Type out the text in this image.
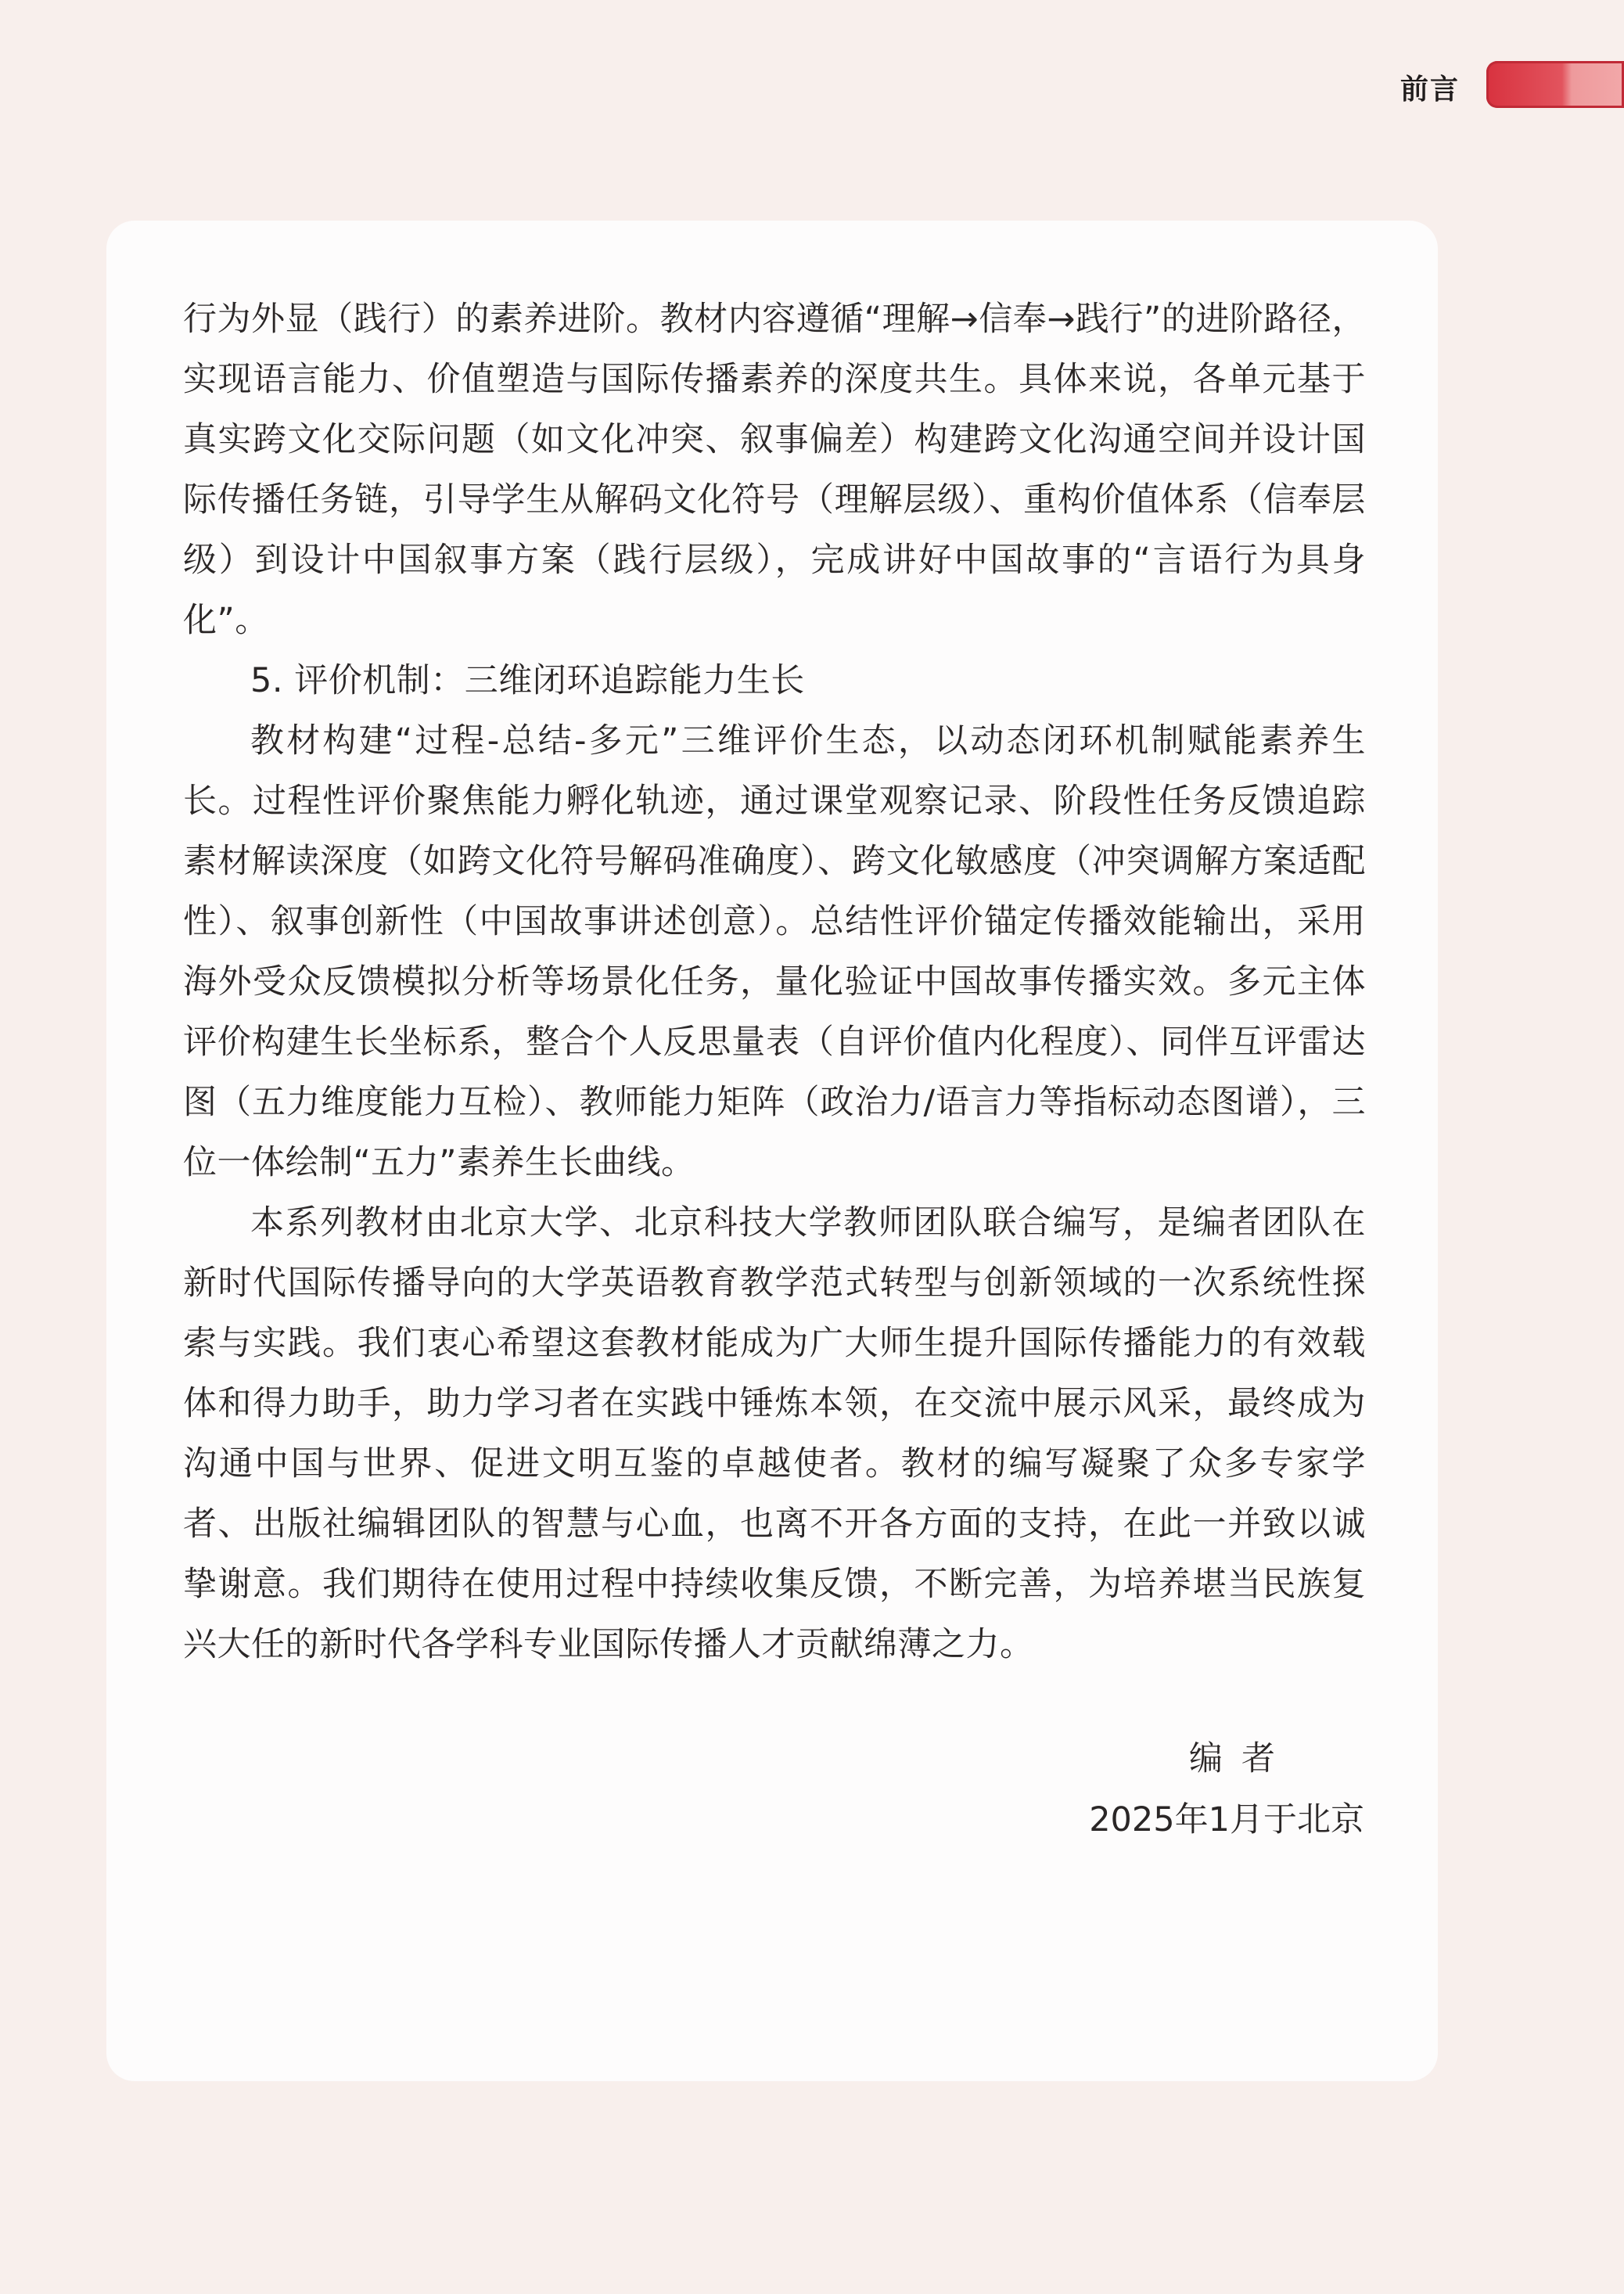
前言

行为外显（践行）的素养进阶。教材内容遵循“理解→信奉→践行”的进阶路径，实现语言能力、价值塑造与国际传播素养的深度共生。具体来说，各单元基于真实跨文化交际问题（如文化冲突、叙事偏差）构建跨文化沟通空间并设计国际传播任务链，引导学生从解码文化符号（理解层级）、重构价值体系（信奉层级）到设计中国叙事方案（践行层级），完成讲好中国故事的“言语行为具身化”。

5. 评价机制：三维闭环追踪能力生长

教材构建“过程-总结-多元”三维评价生态，以动态闭环机制赋能素养生长。过程性评价聚焦能力孵化轨迹，通过课堂观察记录、阶段性任务反馈追踪素材解读深度（如跨文化符号解码准确度）、跨文化敏感度（冲突调解方案适配性）、叙事创新性（中国故事讲述创意）。总结性评价锚定传播效能输出，采用海外受众反馈模拟分析等场景化任务，量化验证中国故事传播实效。多元主体评价构建生长坐标系，整合个人反思量表（自评价值内化程度）、同伴互评雷达图（五力维度能力互检）、教师能力矩阵（政治力/语言力等指标动态图谱），三位一体绘制“五力”素养生长曲线。

本系列教材由北京大学、北京科技大学教师团队联合编写，是编者团队在新时代国际传播导向的大学英语教育教学范式转型与创新领域的一次系统性探索与实践。我们衷心希望这套教材能成为广大师生提升国际传播能力的有效载体和得力助手，助力学习者在实践中锤炼本领，在交流中展示风采，最终成为沟通中国与世界、促进文明互鉴的卓越使者。教材的编写凝聚了众多专家学者、出版社编辑团队的智慧与心血，也离不开各方面的支持，在此一并致以诚挚谢意。我们期待在使用过程中持续收集反馈，不断完善，为培养堪当民族复兴大任的新时代各学科专业国际传播人才贡献绵薄之力。

编者
2025年1月于北京
